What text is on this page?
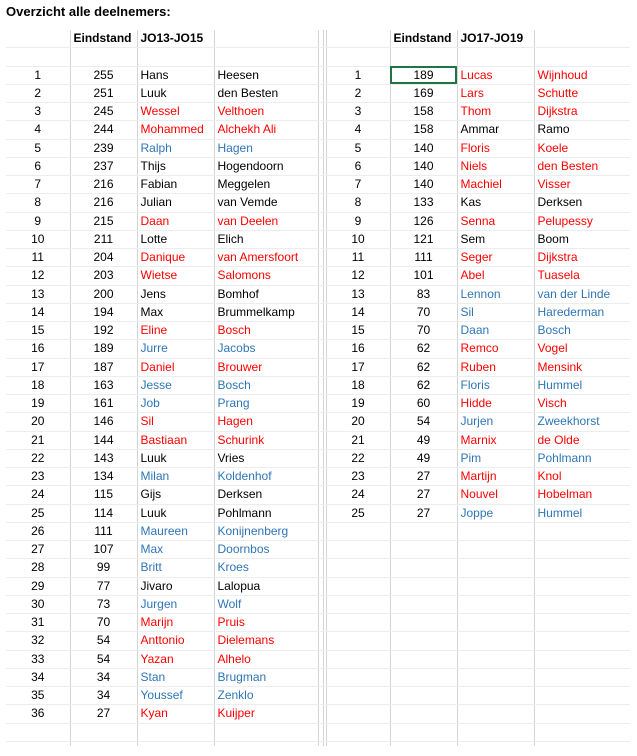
Overzicht alle deelnemers:
	Eindstand	JO13-JO15					Eindstand	JO17-JO19	

1	255	Hans	Heesen			1	189	Lucas	Wijnhoud
2	251	Luuk	den Besten			2	169	Lars	Schutte
3	245	Wessel	Velthoen			3	158	Thom	Dijkstra
4	244	Mohammed	Alchekh Ali			4	158	Ammar	Ramo
5	239	Ralph	Hagen			5	140	Floris	Koele
6	237	Thijs	Hogendoorn			6	140	Niels	den Besten
7	216	Fabian	Meggelen			7	140	Machiel	Visser
8	216	Julian	van Vemde			8	133	Kas	Derksen
9	215	Daan	van Deelen			9	126	Senna	Pelupessy
10	211	Lotte	Elich			10	121	Sem	Boom
11	204	Danique	van Amersfoort			11	111	Seger	Dijkstra
12	203	Wietse	Salomons			12	101	Abel	Tuasela
13	200	Jens	Bomhof			13	83	Lennon	van der Linde
14	194	Max	Brummelkamp			14	70	Sil	Harederman
15	192	Eline	Bosch			15	70	Daan	Bosch
16	189	Jurre	Jacobs			16	62	Remco	Vogel
17	187	Daniel	Brouwer			17	62	Ruben	Mensink
18	163	Jesse	Bosch			18	62	Floris	Hummel
19	161	Job	Prang			19	60	Hidde	Visch
20	146	Sil	Hagen			20	54	Jurjen	Zweekhorst
21	144	Bastiaan	Schurink			21	49	Marnix	de Olde
22	143	Luuk	Vries			22	49	Pim	Pohlmann
23	134	Milan	Koldenhof			23	27	Martijn	Knol
24	115	Gijs	Derksen			24	27	Nouvel	Hobelman
25	114	Luuk	Pohlmann			25	27	Joppe	Hummel
26	111	Maureen	Konijnenberg						
27	107	Max	Doornbos						
28	99	Britt	Kroes						
29	77	Jivaro	Lalopua						
30	73	Jurgen	Wolf						
31	70	Marijn	Pruis						
32	54	Anttonio	Dielemans						
33	54	Yazan	Alhelo						
34	34	Stan	Brugman						
35	34	Youssef	Zenklo						
36	27	Kyan	Kuijper						
